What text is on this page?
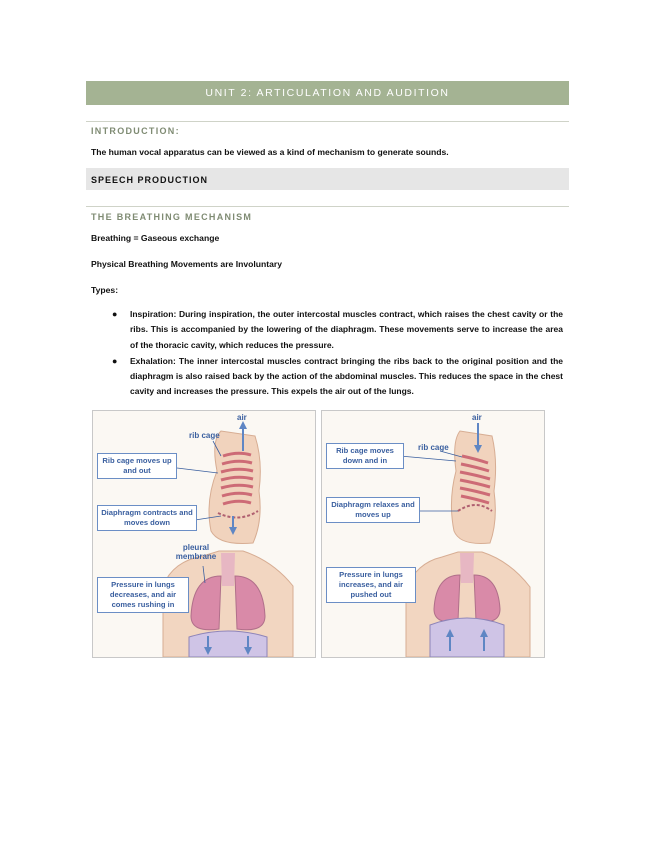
UNIT 2: ARTICULATION AND AUDITION
INTRODUCTION:
The human vocal apparatus can be viewed as a kind of mechanism to generate sounds.
SPEECH PRODUCTION
THE BREATHING MECHANISM
Breathing = Gaseous exchange
Physical Breathing Movements are Involuntary
Types:
● Inspiration: During inspiration, the outer intercostal muscles contract, which raises the chest cavity or the ribs. This is accompanied by the lowering of the diaphragm. These movements serve to increase the area of the thoracic cavity, which reduces the pressure.
● Exhalation: The inner intercostal muscles contract bringing the ribs back to the original position and the diaphragm is also raised back by the action of the abdominal muscles. This reduces the space in the chest cavity and increases the pressure. This expels the air out of the lungs.
air
rib cage
Rib cage moves up and out
Diaphragm contracts and moves down
pleural membrane
Pressure in lungs decreases, and air comes rushing in
air
rib cage
Rib cage moves down and in
Diaphragm relaxes and moves up
Pressure in lungs increases, and air pushed out
